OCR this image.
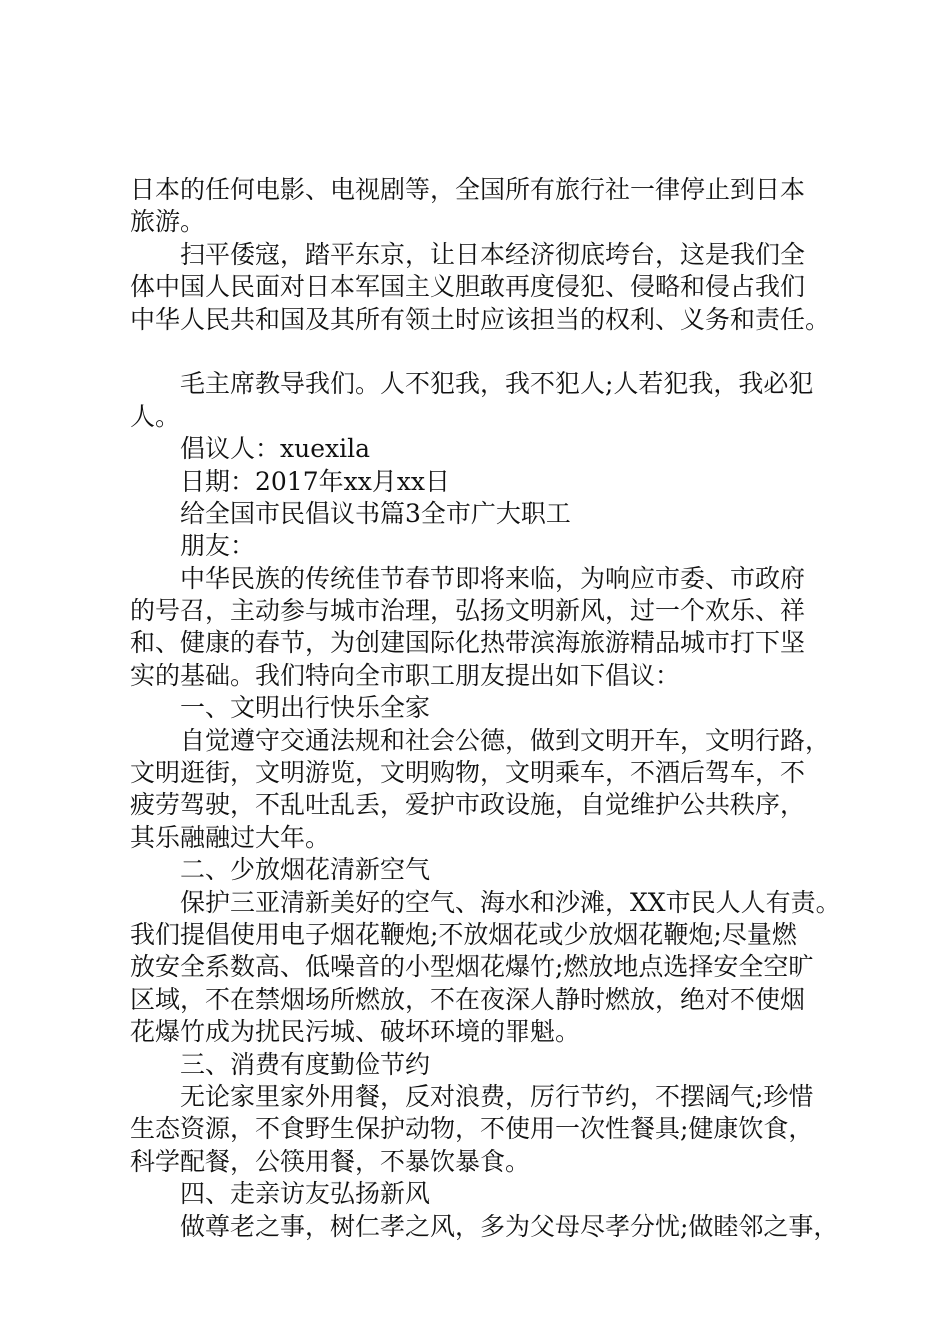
日本的任何电影、电视剧等，全国所有旅行社一律停止到日本
旅游。
扫平倭寇，踏平东京，让日本经济彻底垮台，这是我们全
体中国人民面对日本军国主义胆敢再度侵犯、侵略和侵占我们
中华人民共和国及其所有领土时应该担当的权利、义务和责任。
毛主席教导我们。人不犯我，我不犯人;人若犯我，我必犯
人。
倡议人：xuexila
日期：2017年xx月xx日
给全国市民倡议书篇3全市广大职工
朋友：
中华民族的传统佳节春节即将来临，为响应市委、市政府
的号召，主动参与城市治理，弘扬文明新风，过一个欢乐、祥
和、健康的春节，为创建国际化热带滨海旅游精品城市打下坚
实的基础。我们特向全市职工朋友提出如下倡议：
一、文明出行快乐全家
自觉遵守交通法规和社会公德，做到文明开车，文明行路，
文明逛街，文明游览，文明购物，文明乘车，不酒后驾车，不
疲劳驾驶，不乱吐乱丢，爱护市政设施，自觉维护公共秩序，
其乐融融过大年。
二、少放烟花清新空气
保护三亚清新美好的空气、海水和沙滩，XX市民人人有责。
我们提倡使用电子烟花鞭炮;不放烟花或少放烟花鞭炮;尽量燃
放安全系数高、低噪音的小型烟花爆竹;燃放地点选择安全空旷
区域，不在禁烟场所燃放，不在夜深人静时燃放，绝对不使烟
花爆竹成为扰民污城、破坏环境的罪魁。
三、消费有度勤俭节约
无论家里家外用餐，反对浪费，厉行节约，不摆阔气;珍惜
生态资源，不食野生保护动物，不使用一次性餐具;健康饮食，
科学配餐，公筷用餐，不暴饮暴食。
四、走亲访友弘扬新风
做尊老之事，树仁孝之风，多为父母尽孝分忧;做睦邻之事，
